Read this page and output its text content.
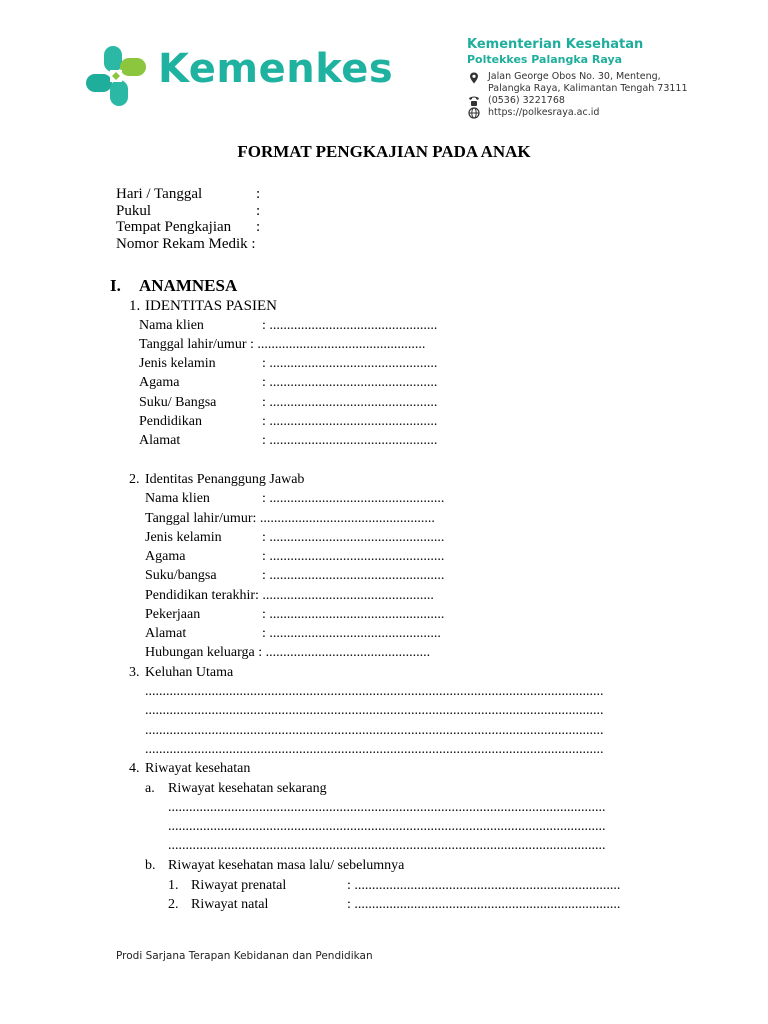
Kemenkes
Kementerian Kesehatan
Poltekkes Palangka Raya
Jalan George Obos No. 30, Menteng,
Palangka Raya, Kalimantan Tengah 73111
(0536) 3221768
https://polkesraya.ac.id
FORMAT PENGKAJIAN PADA ANAK
Hari / Tanggal	:
Pukul	:
Tempat Pengkajian :
Nomor Rekam Medik :
I. ANAMNESA
1. IDENTITAS PASIEN
Nama klien	: ................................................
Tanggal lahir/umur : ................................................
Jenis kelamin	: ................................................
Agama	: ................................................
Suku/ Bangsa	: ................................................
Pendidikan	: ................................................
Alamat	: ................................................
2. Identitas Penanggung Jawab
Nama klien	: ..................................................
Tanggal lahir/umur: ..................................................
Jenis kelamin	: ..................................................
Agama	: ..................................................
Suku/bangsa	: ..................................................
Pendidikan terakhir: .................................................
Pekerjaan	: ..................................................
Alamat	: .................................................
Hubungan keluarga : ...............................................
3. Keluhan Utama
...................................................................................................................................
...................................................................................................................................
...................................................................................................................................
...................................................................................................................................
4. Riwayat kesehatan
a. Riwayat kesehatan sekarang
.............................................................................................................................
.............................................................................................................................
.............................................................................................................................
b. Riwayat kesehatan masa lalu/ sebelumnya
1. Riwayat prenatal	: ............................................................................
2. Riwayat natal	: ............................................................................
Prodi Sarjana Terapan Kebidanan dan Pendidikan
